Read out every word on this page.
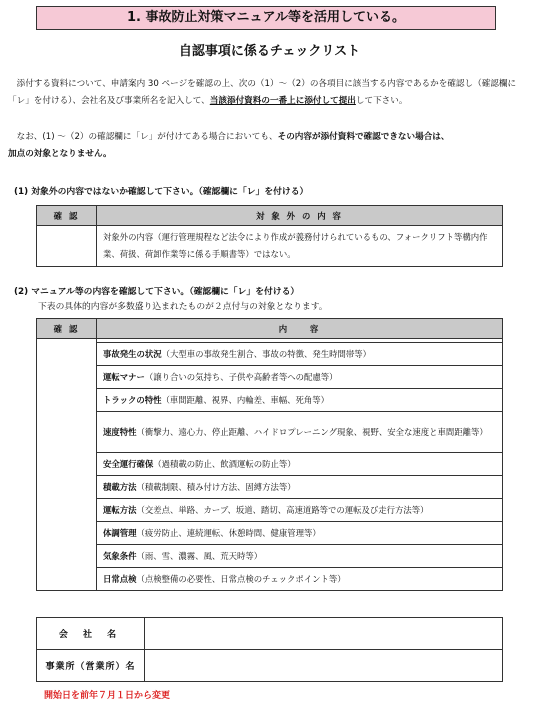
1. 事故防止対策マニュアル等を活用している。
自認事項に係るチェックリスト

添付する資料について、申請案内 30 ページを確認の上、次の（1）～（2）の各項目に該当する内容であるかを確認し（確認欄に「レ」を付ける）、会社名及び事業所名を記入して、当該添付資料の一番上に添付して提出して下さい。

なお、(1) ～（2）の確認欄に「レ」が付けてある場合においても、その内容が添付資料で確認できない場合は、

加点の対象となりません。

(1) 対象外の内容ではないか確認して下さい。（確認欄に「レ」を付ける）
確 認	対 象 外 の 内 容
	対象外の内容（運行管理規程など法令により作成が義務付けられているもの、フォークリフト等構内作業、荷扱、荷卸作業等に係る手順書等）ではない。
(2) マニュアル等の内容を確認して下さい。（確認欄に「レ」を付ける）
下表の具体的内容が多数盛り込まれたものが２点付与の対象となります。
確 認	内　　容

	事故発生の状況（大型車の事故発生割合、事故の特徴、発生時間帯等）
	運転マナー（譲り合いの気持ち、子供や高齢者等への配慮等）
	トラックの特性（車間距離、視界、内輪差、車幅、死角等）
	速度特性（衝撃力、遠心力、停止距離、ハイドロプレーニング現象、視野、安全な速度と車間距離等）
	安全運行確保（過積載の防止、飲酒運転の防止等）
	積載方法（積載制限、積み付け方法、固縛方法等）
	運転方法（交差点、単路、カーブ、坂道、踏切、高速道路等での運転及び走行方法等）
	体調管理（疲労防止、連続運転、休憩時間、健康管理等）
	気象条件（雨、雪、濃霧、風、荒天時等）
	日常点検（点検整備の必要性、日常点検のチェックポイント等）
会 社 名	
事業所（営業所）名	
開始日を前年７月１日から変更
